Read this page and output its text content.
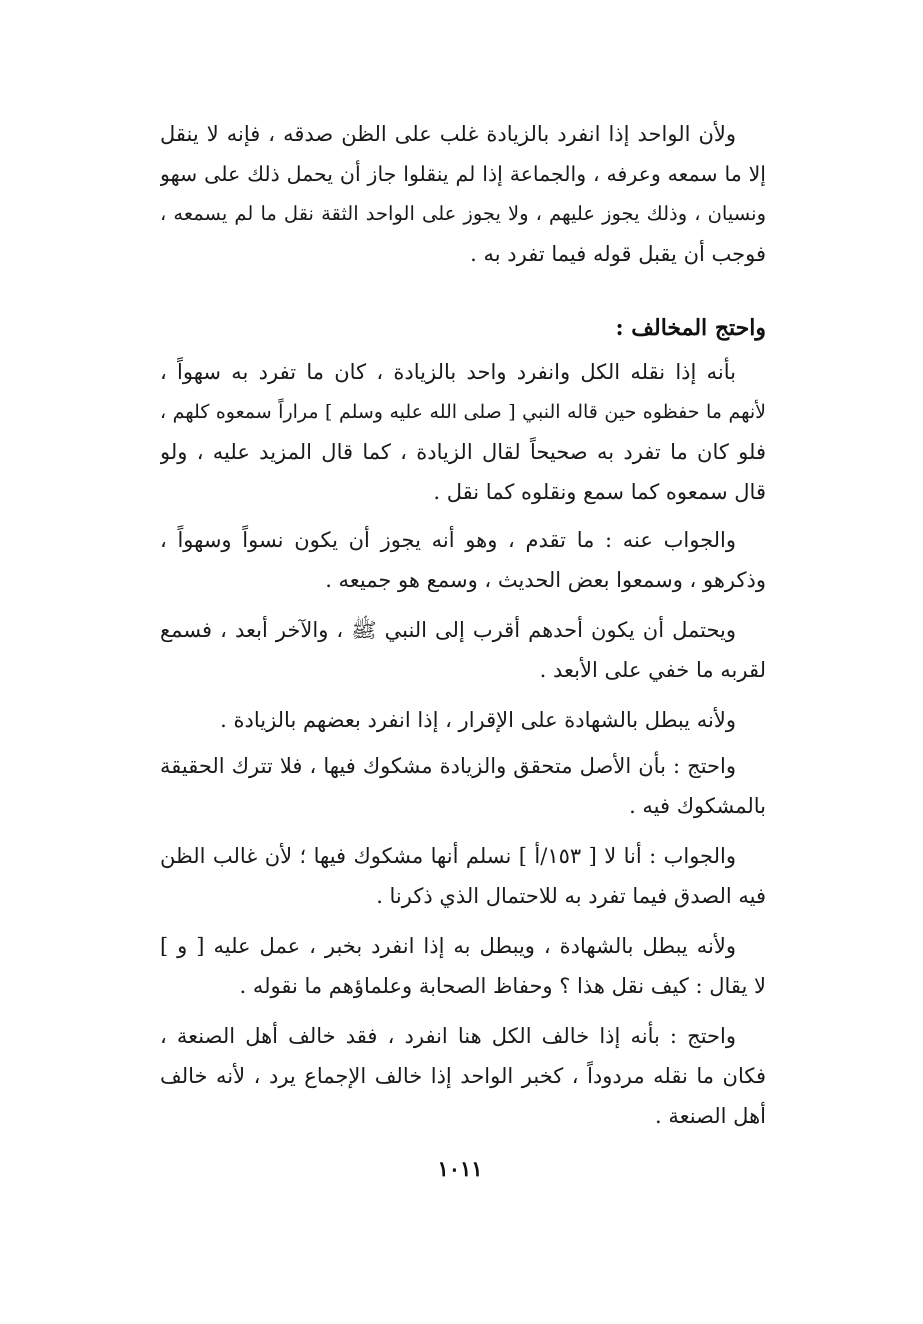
ولأن الواحد إذا انفرد بالزيادة غلب على الظن صدقه ، فإنه لا ينقل
إلا ما سمعه وعرفه ، والجماعة إذا لم ينقلوا جاز أن يحمل ذلك على سهو
ونسيان ، وذلك يجوز عليهم ، ولا يجوز على الواحد الثقة نقل ما لم يسمعه ،
فوجب أن يقبل قوله فيما تفرد به .
واحتج المخالف :
بأنه إذا نقله الكل وانفرد واحد بالزيادة ، كان ما تفرد به سهواً ،
لأنهم ما حفظوه حين قاله النبي [ صلى الله عليه وسلم ] مراراً سمعوه كلهم ،
فلو كان ما تفرد به صحيحاً لقال الزيادة ، كما قال المزيد عليه ، ولو
قال سمعوه كما سمع ونقلوه كما نقل .
والجواب عنه : ما تقدم ، وهو أنه يجوز أن يكون نسواً وسهواً ،
وذكرهو ، وسمعوا بعض الحديث ، وسمع هو جميعه .
ويحتمل أن يكون أحدهم أقرب إلى النبي ﷺ ، والآخر أبعد ، فسمع
لقربه ما خفي على الأبعد .
ولأنه يبطل بالشهادة على الإقرار ، إذا انفرد بعضهم بالزيادة .
واحتج : بأن الأصل متحقق والزيادة مشكوك فيها ، فلا تترك الحقيقة
بالمشكوك فيه .
والجواب : أنا لا [ ١٥٣/أ ] نسلم أنها مشكوك فيها ؛ لأن غالب الظن
فيه الصدق فيما تفرد به للاحتمال الذي ذكرنا .
ولأنه يبطل بالشهادة ، ويبطل به إذا انفرد بخبر ، عمل عليه [ و ]
لا يقال : كيف نقل هذا ؟ وحفاظ الصحابة وعلماؤهم ما نقوله .
واحتج : بأنه إذا خالف الكل هنا انفرد ، فقد خالف أهل الصنعة ،
فكان ما نقله مردوداً ، كخبر الواحد إذا خالف الإجماع يرد ، لأنه خالف
أهل الصنعة .
١٠١١
